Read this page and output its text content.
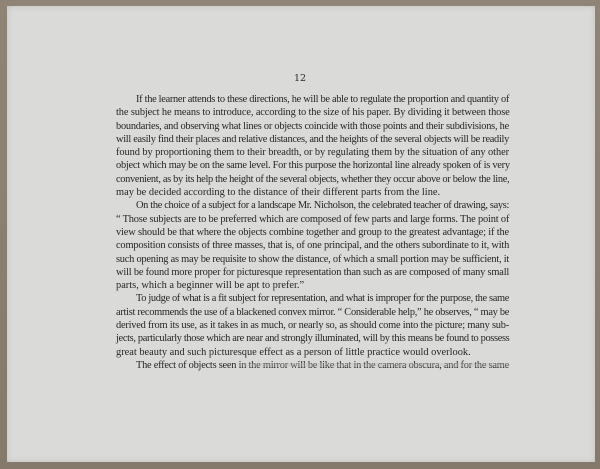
12

If the learner attends to these directions, he will be able to regulate the proportion and quantity of
the subject he means to introduce, according to the size of his paper. By dividing it between those
boundaries, and observing what lines or objects coincide with those points and their subdivisions, he
will easily find their places and relative distances, and the heights of the several objects will be readily
found by proportioning them to their breadth, or by regulating them by the situation of any other
object which may be on the same level. For this purpose the horizontal line already spoken of is very
convenient, as by its help the height of the several objects, whether they occur above or below the line,
may be decided according to the distance of their different parts from the line.

On the choice of a subject for a landscape Mr. Nicholson, the celebrated teacher of drawing, says:
“ Those subjects are to be preferred which are composed of few parts and large forms. The point of
view should be that where the objects combine together and group to the greatest advantage; if the
composition consists of three masses, that is, of one principal, and the others subordinate to it, with
such opening as may be requisite to show the distance, of which a small portion may be sufficient, it
will be found more proper for picturesque representation than such as are composed of many small
parts, which a beginner will be apt to prefer.”

To judge of what is a fit subject for representation, and what is improper for the purpose, the same
artist recommends the use of a blackened convex mirror. “ Considerable help,” he observes, “ may be
derived from its use, as it takes in as much, or nearly so, as should come into the picture; many sub-
jects, particularly those which are near and strongly illuminated, will by this means be found to possess
great beauty and such picturesque effect as a person of little practice would overlook.

The effect of objects seen in the mirror will be like that in the camera obscura, and for the same
